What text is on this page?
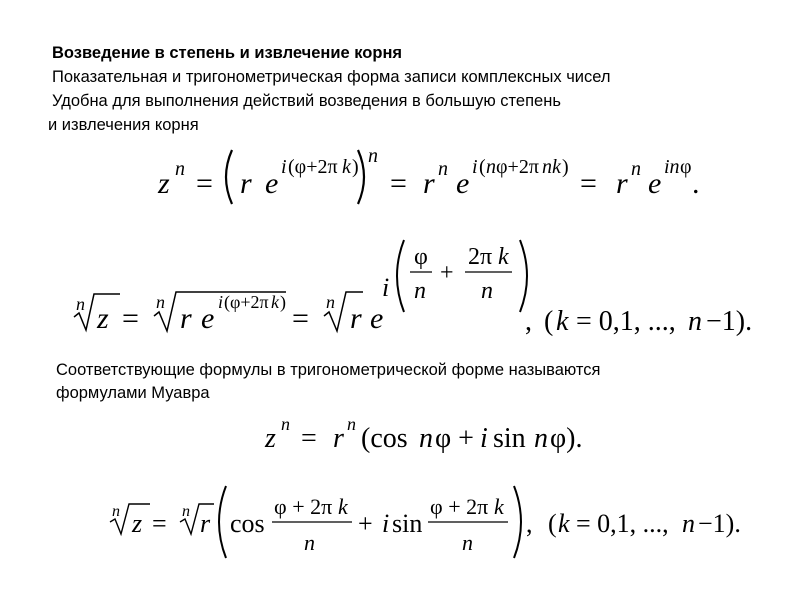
Возведение в степень и извлечение корня
Показательная и тригонометрическая форма записи комплексных чисел
Удобна для выполнения действий возведения в большую степень
и извлечения корня
Соответствующие формулы в тригонометрической форме называются
формулами Муавра
z n = r e i (φ+2π k ) n
= r n e i ( n φ+2π nk ) = r n e in φ .
n z = n r e i (φ+2π k ) = n r e
i
φ
n
+
2π k
n
, ( k = 0,1, ..., n −1).
z n = r n (cos n φ + i sin n φ).
n z = n r cos
φ + 2π k
n
+ i sin
φ + 2π k
n
, ( k = 0,1, ..., n −1).
